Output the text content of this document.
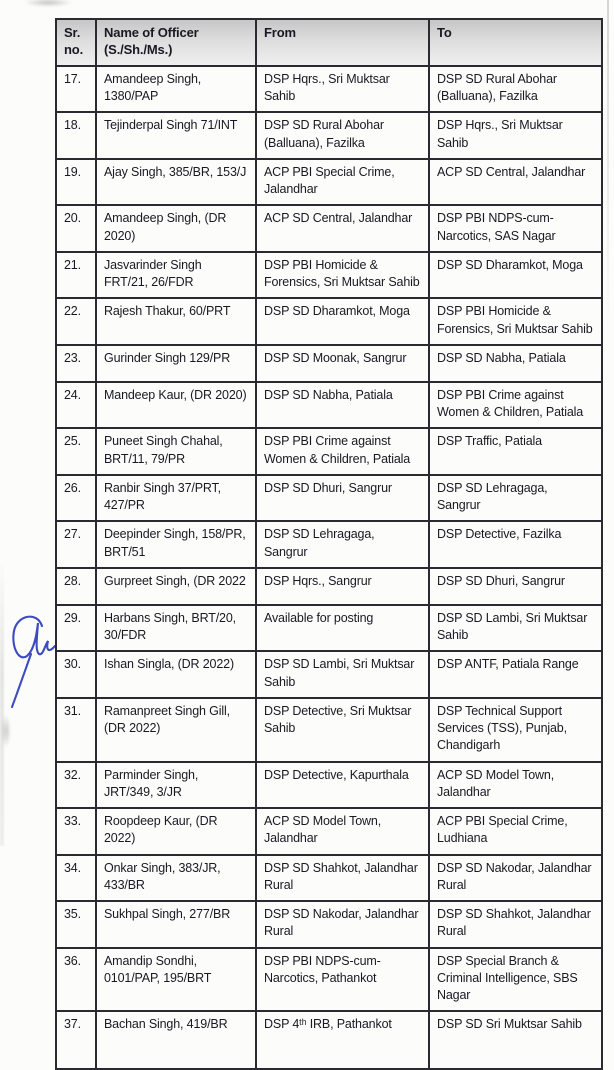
Sr. no.	Name of Officer (S./Sh./Ms.)	From	To
17.	Amandeep Singh, 1380/PAP	DSP Hqrs., Sri Muktsar Sahib	DSP SD Rural Abohar (Balluana), Fazilka
18.	Tejinderpal Singh 71/INT	DSP SD Rural Abohar (Balluana), Fazilka	DSP Hqrs., Sri Muktsar Sahib
19.	Ajay Singh, 385/BR, 153/J	ACP PBI Special Crime, Jalandhar	ACP SD Central, Jalandhar
20.	Amandeep Singh, (DR 2020)	ACP SD Central, Jalandhar	DSP PBI NDPS-cum-Narcotics, SAS Nagar
21.	Jasvarinder Singh FRT/21, 26/FDR	DSP PBI Homicide & Forensics, Sri Muktsar Sahib	DSP SD Dharamkot, Moga
22.	Rajesh Thakur, 60/PRT	DSP SD Dharamkot, Moga	DSP PBI Homicide & Forensics, Sri Muktsar Sahib
23.	Gurinder Singh 129/PR	DSP SD Moonak, Sangrur	DSP SD Nabha, Patiala
24.	Mandeep Kaur, (DR 2020)	DSP SD Nabha, Patiala	DSP PBI Crime against Women & Children, Patiala
25.	Puneet Singh Chahal, BRT/11, 79/PR	DSP PBI Crime against Women & Children, Patiala	DSP Traffic, Patiala
26.	Ranbir Singh 37/PRT, 427/PR	DSP SD Dhuri, Sangrur	DSP SD Lehragaga, Sangrur
27.	Deepinder Singh, 158/PR, BRT/51	DSP SD Lehragaga, Sangrur	DSP Detective, Fazilka
28.	Gurpreet Singh, (DR 2022	DSP Hqrs., Sangrur	DSP SD Dhuri, Sangrur
29.	Harbans Singh, BRT/20, 30/FDR	Available for posting	DSP SD Lambi, Sri Muktsar Sahib
30.	Ishan Singla, (DR 2022)	DSP SD Lambi, Sri Muktsar Sahib	DSP ANTF, Patiala Range
31.	Ramanpreet Singh Gill, (DR 2022)	DSP Detective, Sri Muktsar Sahib	DSP Technical Support Services (TSS), Punjab, Chandigarh
32.	Parminder Singh, JRT/349, 3/JR	DSP Detective, Kapurthala	ACP SD Model Town, Jalandhar
33.	Roopdeep Kaur, (DR 2022)	ACP SD Model Town, Jalandhar	ACP PBI Special Crime, Ludhiana
34.	Onkar Singh, 383/JR, 433/BR	DSP SD Shahkot, Jalandhar Rural	DSP SD Nakodar, Jalandhar Rural
35.	Sukhpal Singh, 277/BR	DSP SD Nakodar, Jalandhar Rural	DSP SD Shahkot, Jalandhar Rural
36.	Amandip Sondhi, 0101/PAP, 195/BRT	DSP PBI NDPS-cum-Narcotics, Pathankot	DSP Special Branch & Criminal Intelligence, SBS Nagar
37.	Bachan Singh, 419/BR	DSP 4ᵗʰ IRB, Pathankot	DSP SD Sri Muktsar Sahib
